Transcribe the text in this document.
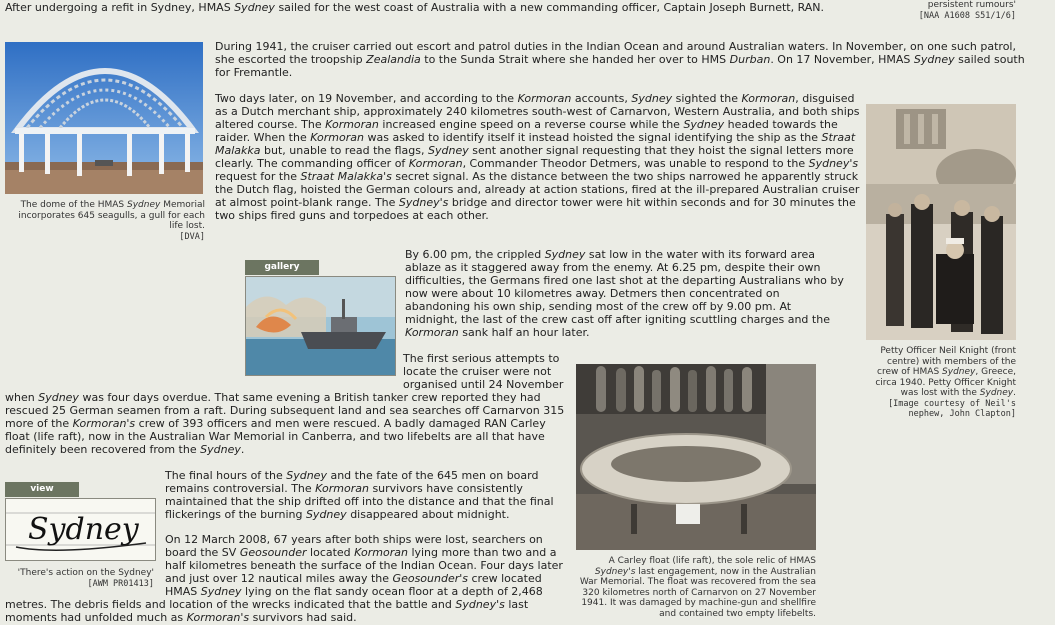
After undergoing a refit in Sydney, HMAS Sydney sailed for the west coast of Australia with a new commanding officer, Captain Joseph Burnett, RAN.	persistent rumours'
[NAA A1608 S51/1/6]
The dome of the HMAS Sydney Memorial incorporates 645 seagulls, a gull for each life lost.
[DVA]
During 1941, the cruiser carried out escort and patrol duties in the Indian Ocean and around Australian waters. In November, on one such patrol, she escorted the troopship Zealandia to the Sunda Strait where she handed her over to HMS Durban. On 17 November, HMAS Sydney sailed south for Fremantle.
Two days later, on 19 November, and according to the Kormoran accounts, Sydney sighted the Kormoran, disguised as a Dutch merchant ship, approximately 240 kilometres south-west of Carnarvon, Western Australia, and both ships altered course. The Kormoran increased engine speed on a reverse course while the Sydney headed towards the raider. When the Kormoran was asked to identify itself it instead hoisted the signal identifying the ship as the Straat Malakka but, unable to read the flags, Sydney sent another signal requesting that they hoist the signal letters more clearly. The commanding officer of Kormoran, Commander Theodor Detmers, was unable to respond to the Sydney's request for the Straat Malakka's secret signal. As the distance between the two ships narrowed he apparently struck the Dutch flag, hoisted the German colours and, already at action stations, fired at the ill-prepared Australian cruiser at almost point-blank range. The Sydney's bridge and director tower were hit within seconds and for 30 minutes the two ships fired guns and torpedoes at each other.
Petty Officer Neil Knight (front centre) with members of the crew of HMAS Sydney, Greece, circa 1940. Petty Officer Knight was lost with the Sydney.
[Image courtesy of Neil's nephew, John Clapton]
gallery
By 6.00 pm, the crippled Sydney sat low in the water with its forward area ablaze as it staggered away from the enemy. At 6.25 pm, despite their own difficulties, the Germans fired one last shot at the departing Australians who by now were about 10 kilometres away. Detmers then concentrated on abandoning his own ship, sending most of the crew off by 9.00 pm. At midnight, the last of the crew cast off after igniting scuttling charges and the Kormoran sank half an hour later.
The first serious attempts to locate the cruiser were not organised until 24 November when Sydney was four days overdue. That same evening a British tanker crew reported they had rescued 25 German seamen from a raft. During subsequent land and sea searches off Carnarvon 315 more of the Kormoran's crew of 393 officers and men were rescued. A badly damaged RAN Carley float (life raft), now in the Australian War Memorial in Canberra, and two lifebelts are all that have definitely been recovered from the Sydney.
A Carley float (life raft), the sole relic of HMAS Sydney's last engagement, now in the Australian War Memorial. The float was recovered from the sea 320 kilometres north of Carnarvon on 27 November 1941. It was damaged by machine-gun and shellfire and contained two empty lifebelts.
view
Sydney
'There's action on the Sydney'
[AWM PR01413]
The final hours of the Sydney and the fate of the 645 men on board remains controversial. The Kormoran survivors have consistently maintained that the ship drifted off into the distance and that the final flickerings of the burning Sydney disappeared about midnight.
On 12 March 2008, 67 years after both ships were lost, searchers on board the SV Geosounder located Kormoran lying more than two and a half kilometres beneath the surface of the Indian Ocean. Four days later and just over 12 nautical miles away the Geosounder's crew located HMAS Sydney lying on the flat sandy ocean floor at a depth of 2,468 metres. The debris fields and location of the wrecks indicated that the battle and Sydney's last moments had unfolded much as Kormoran's survivors had said.
